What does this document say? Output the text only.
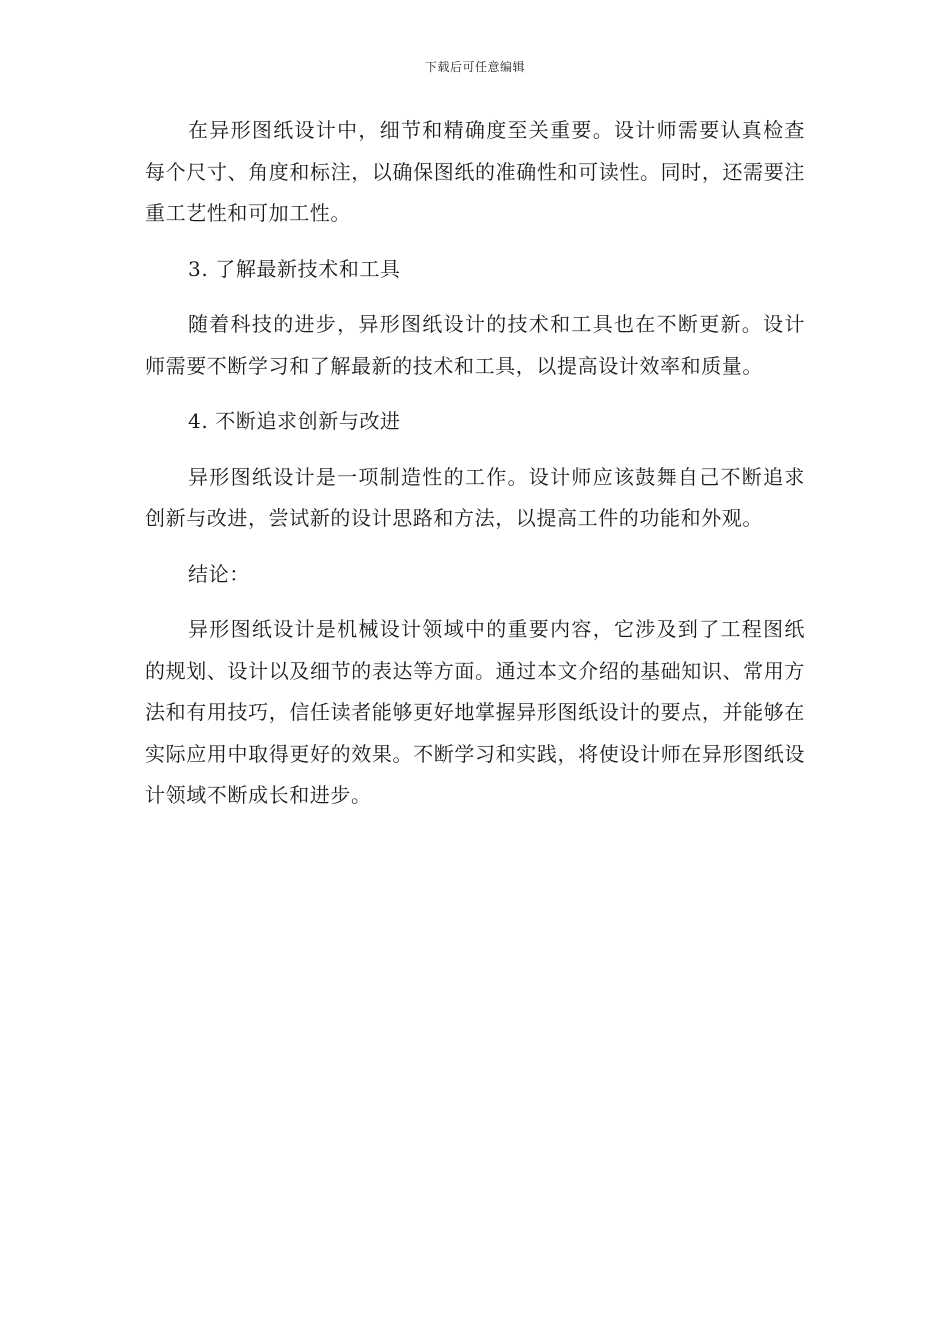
下载后可任意编辑

在异形图纸设计中，细节和精确度至关重要。设计师需要认真检查每个尺寸、角度和标注，以确保图纸的准确性和可读性。同时，还需要注重工艺性和可加工性。

3. 了解最新技术和工具

随着科技的进步，异形图纸设计的技术和工具也在不断更新。设计师需要不断学习和了解最新的技术和工具，以提高设计效率和质量。

4. 不断追求创新与改进

异形图纸设计是一项制造性的工作。设计师应该鼓舞自己不断追求创新与改进，尝试新的设计思路和方法，以提高工件的功能和外观。

结论：

异形图纸设计是机械设计领域中的重要内容，它涉及到了工程图纸的规划、设计以及细节的表达等方面。通过本文介绍的基础知识、常用方法和有用技巧，信任读者能够更好地掌握异形图纸设计的要点，并能够在实际应用中取得更好的效果。不断学习和实践，将使设计师在异形图纸设计领域不断成长和进步。
